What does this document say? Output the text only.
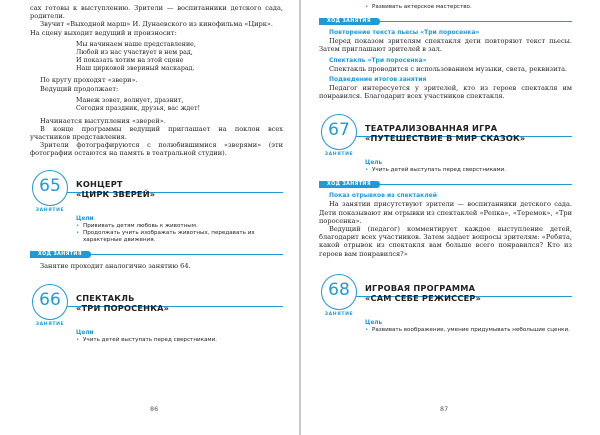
сах готовы к выступлению. Зрители — воспитанники детского сада, родители.

Звучит «Выходной марш» И. Дунаевского из кинофильма «Цирк».

На сцену выходит ведущий и произносит:

Мы начинаем наше представление,
Любой из нас участвует в нем рад,
И показать хотим на этой сцене
Наш цирковой звериный маскарад.

По кругу проходят «звери».

Ведущий продолжает:

Манеж зовет, волнует, дразнит,
Сегодня праздник, друзья, вас ждет!

Начинается выступления «зверей».

В конце программы ведущий приглашает на поклон всех участников представления.

Зрители фотографируются с полюбившимися «зверями» (эти фотографии остаются на память в театральной студии).

65
ЗАНЯТИЕ
КОНЦЕРТ
«ЦИРК ЗВЕРЕЙ»
Цели
• Прививать детям любовь к животным.
• Продолжать учить изображать животных, передавать их характерные движения.
ХОД ЗАНЯТИЯ

Занятие проходит аналогично занятию 64.

66
ЗАНЯТИЕ
СПЕКТАКЛЬ
«ТРИ ПОРОСЕНКА»
Цели
• Учить детей выступать перед сверстниками.
86
• Развивать актерское мастерство.
ХОД ЗАНЯТИЯ
Повторение текста пьесы «Три поросенка»

Перед показом зрителям спектакля дети повторяют текст пьесы. Затем приглашают зрителей в зал.

Спектакль «Три поросенка»

Спектакль проводится с использованием музыки, света, реквизита.

Подведение итогов занятия

Педагог интересуется у зрителей, кто из героев спектакля им понравился. Благодарит всех участников спектакля.

67
ЗАНЯТИЕ
ТЕАТРАЛИЗОВАННАЯ ИГРА
«ПУТЕШЕСТВИЕ В МИР СКАЗОК»
Цель
• Учить детей выступать перед сверстниками.
ХОД ЗАНЯТИЯ
Показ отрывков из спектаклей

На занятии присутствуют зрители — воспитанники детского сада. Дети показывают им отрывки из спектаклей «Репка», «Теремок», «Три поросенка».

Ведущий (педагог) комментирует каждое выступление детей, благодарит всех участников. Затем задает вопросы зрителям: «Ребята, какой отрывок из спектакля вам больше всего понравился? Кто из героев вам понравился?»

68
ЗАНЯТИЕ
ИГРОВАЯ ПРОГРАММА
«САМ СЕБЕ РЕЖИССЕР»
Цель
• Развивать воображение, умение придумывать небольшие сценки.
87
